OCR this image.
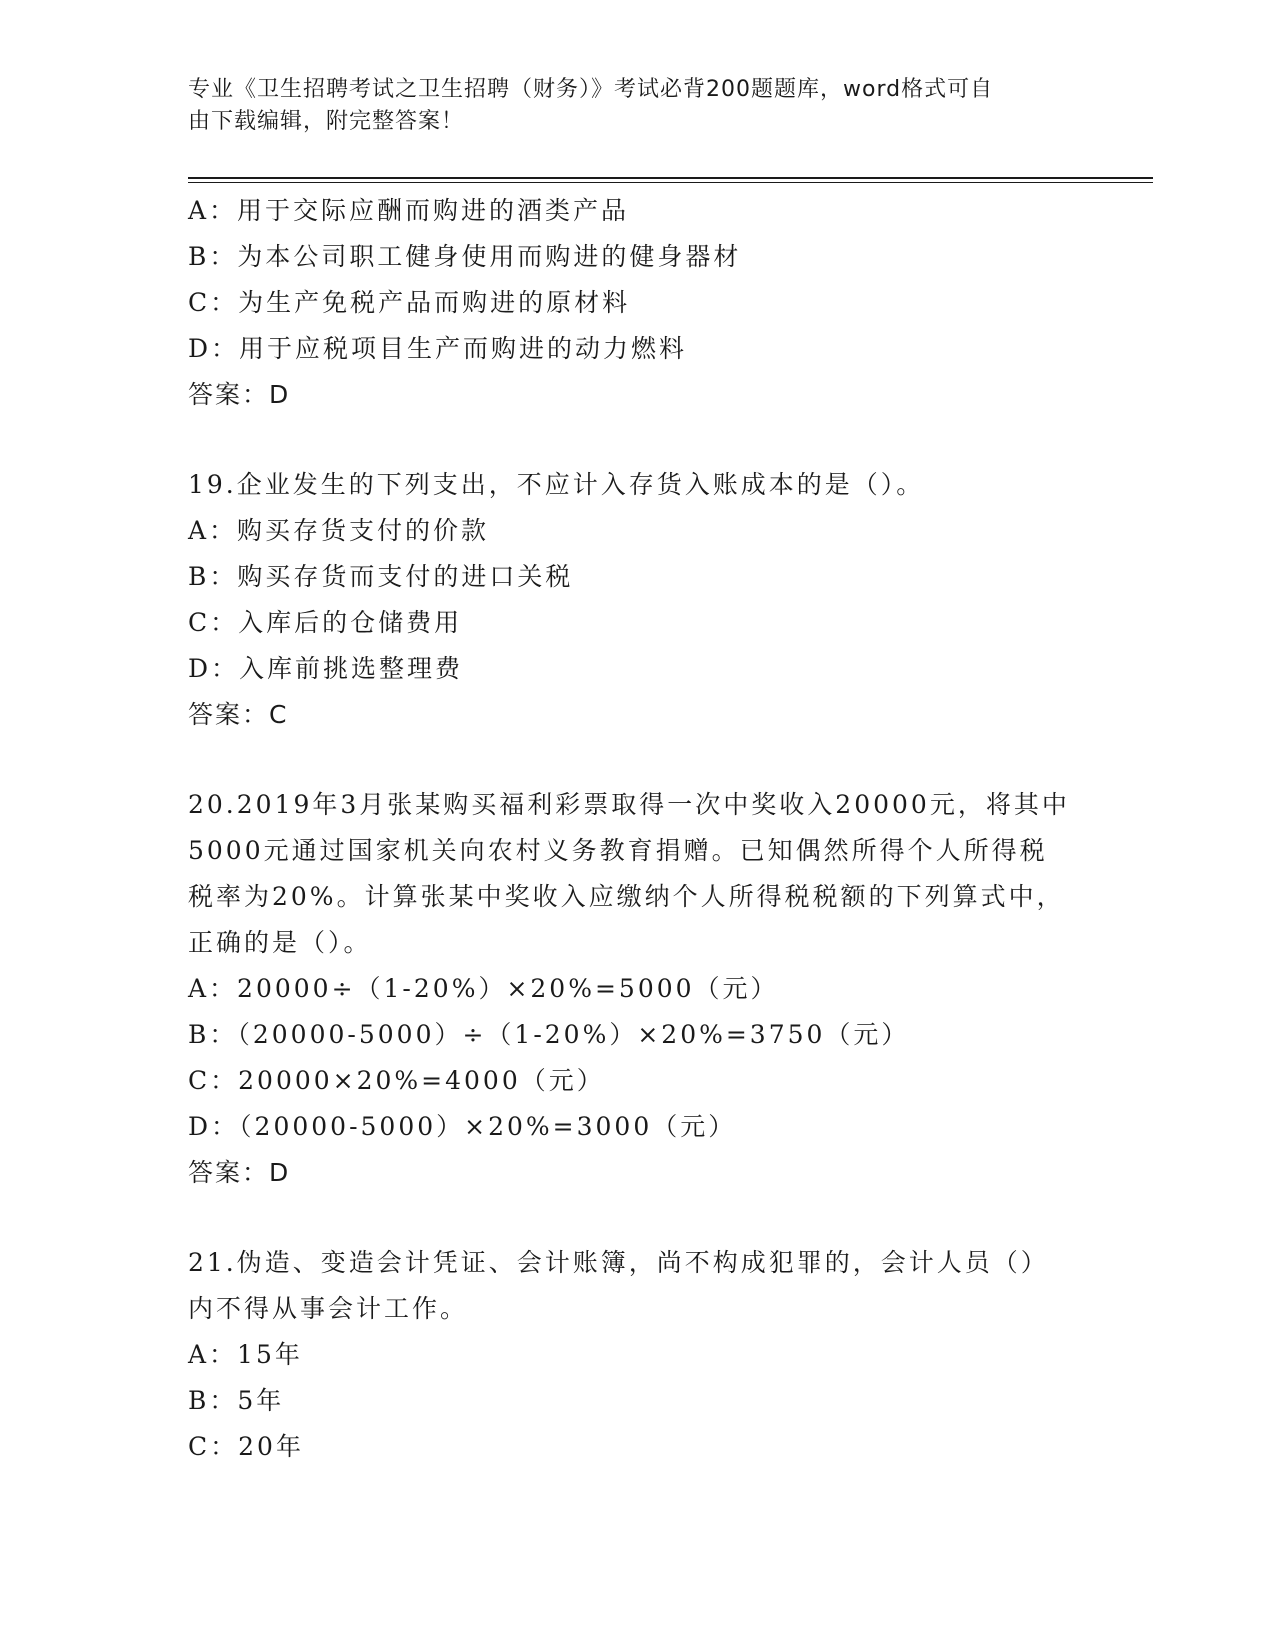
专业《卫生招聘考试之卫生招聘（财务）》考试必背200题题库，word格式可自
由下载编辑，附完整答案！
A：用于交际应酬而购进的酒类产品
B：为本公司职工健身使用而购进的健身器材
C：为生产免税产品而购进的原材料
D：用于应税项目生产而购进的动力燃料
答案：D
19.企业发生的下列支出，不应计入存货入账成本的是（）。
A：购买存货支付的价款
B：购买存货而支付的进口关税
C：入库后的仓储费用
D：入库前挑选整理费
答案：C
20.2019年3月张某购买福利彩票取得一次中奖收入20000元，将其中
5000元通过国家机关向农村义务教育捐赠。已知偶然所得个人所得税
税率为20%。计算张某中奖收入应缴纳个人所得税税额的下列算式中，
正确的是（）。
A：20000÷（1-20%）×20%=5000（元）
B：（20000-5000）÷（1-20%）×20%=3750（元）
C：20000×20%=4000（元）
D：（20000-5000）×20%=3000（元）
答案：D
21.伪造、变造会计凭证、会计账簿，尚不构成犯罪的，会计人员（）
内不得从事会计工作。
A：15年
B：5年
C：20年
